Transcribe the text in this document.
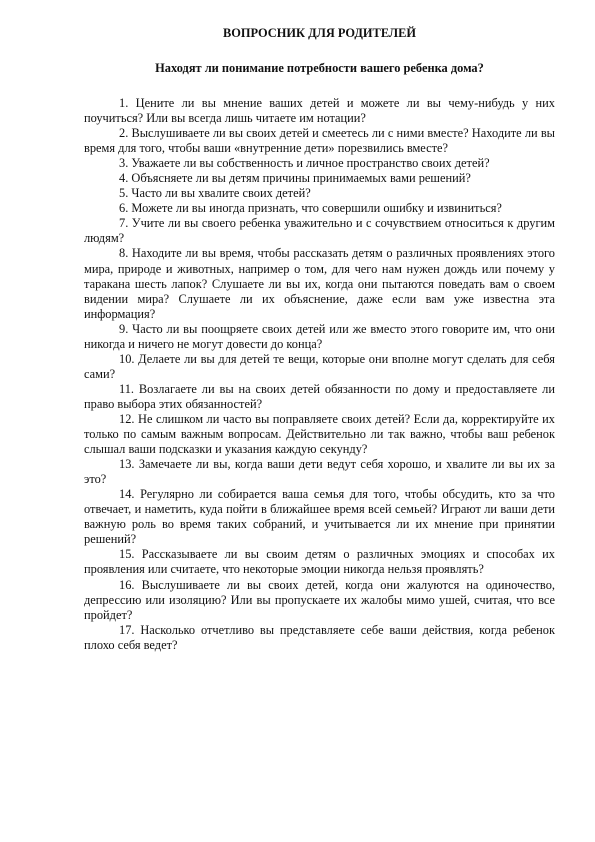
ВОПРОСНИК ДЛЯ РОДИТЕЛЕЙ
Находят ли понимание потребности вашего ребенка дома?

1. Цените ли вы мнение ваших детей и можете ли вы чему-нибудь у них поучиться? Или вы всегда лишь читаете им нотации?

2. Выслушиваете ли вы своих детей и смеетесь ли с ними вместе? Находите ли вы время для того, чтобы ваши «внутренние дети» порезвились вместе?

3. Уважаете ли вы собственность и личное пространство своих детей?

4. Объясняете ли вы детям причины принимаемых вами решений?

5. Часто ли вы хвалите своих детей?

6. Можете ли вы иногда признать, что совершили ошибку и извиниться?

7. Учите ли вы своего ребенка уважительно и с сочувствием относиться к другим людям?

8. Находите ли вы время, чтобы рассказать детям о различных проявлениях этого мира, природе и животных, например о том, для чего нам нужен дождь или почему у таракана шесть лапок? Слушаете ли вы их, когда они пытаются поведать вам о своем видении мира? Слушаете ли их объяснение, даже если вам уже известна эта информация?

9. Часто ли вы поощряете своих детей или же вместо этого говорите им, что они никогда и ничего не могут довести до конца?

10. Делаете ли вы для детей те вещи, которые они вполне могут сделать для себя сами?

11. Возлагаете ли вы на своих детей обязанности по дому и предоставляете ли право выбора этих обязанностей?

12. Не слишком ли часто вы поправляете своих детей? Если да, корректируйте их только по самым важным вопросам. Действительно ли так важно, чтобы ваш ребенок слышал ваши подсказки и указания каждую секунду?

13. Замечаете ли вы, когда ваши дети ведут себя хорошо, и хвалите ли вы их за это?

14. Регулярно ли собирается ваша семья для того, чтобы обсудить, кто за что отвечает, и наметить, куда пойти в ближайшее время всей семьей? Играют ли ваши дети важную роль во время таких собраний, и учитывается ли их мнение при принятии решений?

15. Рассказываете ли вы своим детям о различных эмоциях и способах их проявления или считаете, что некоторые эмоции никогда нельзя проявлять?

16. Выслушиваете ли вы своих детей, когда они жалуются на одиночество, депрессию или изоляцию? Или вы пропускаете их жалобы мимо ушей, считая, что все пройдет?

17. Насколько отчетливо вы представляете себе ваши действия, когда ребенок плохо себя ведет?
